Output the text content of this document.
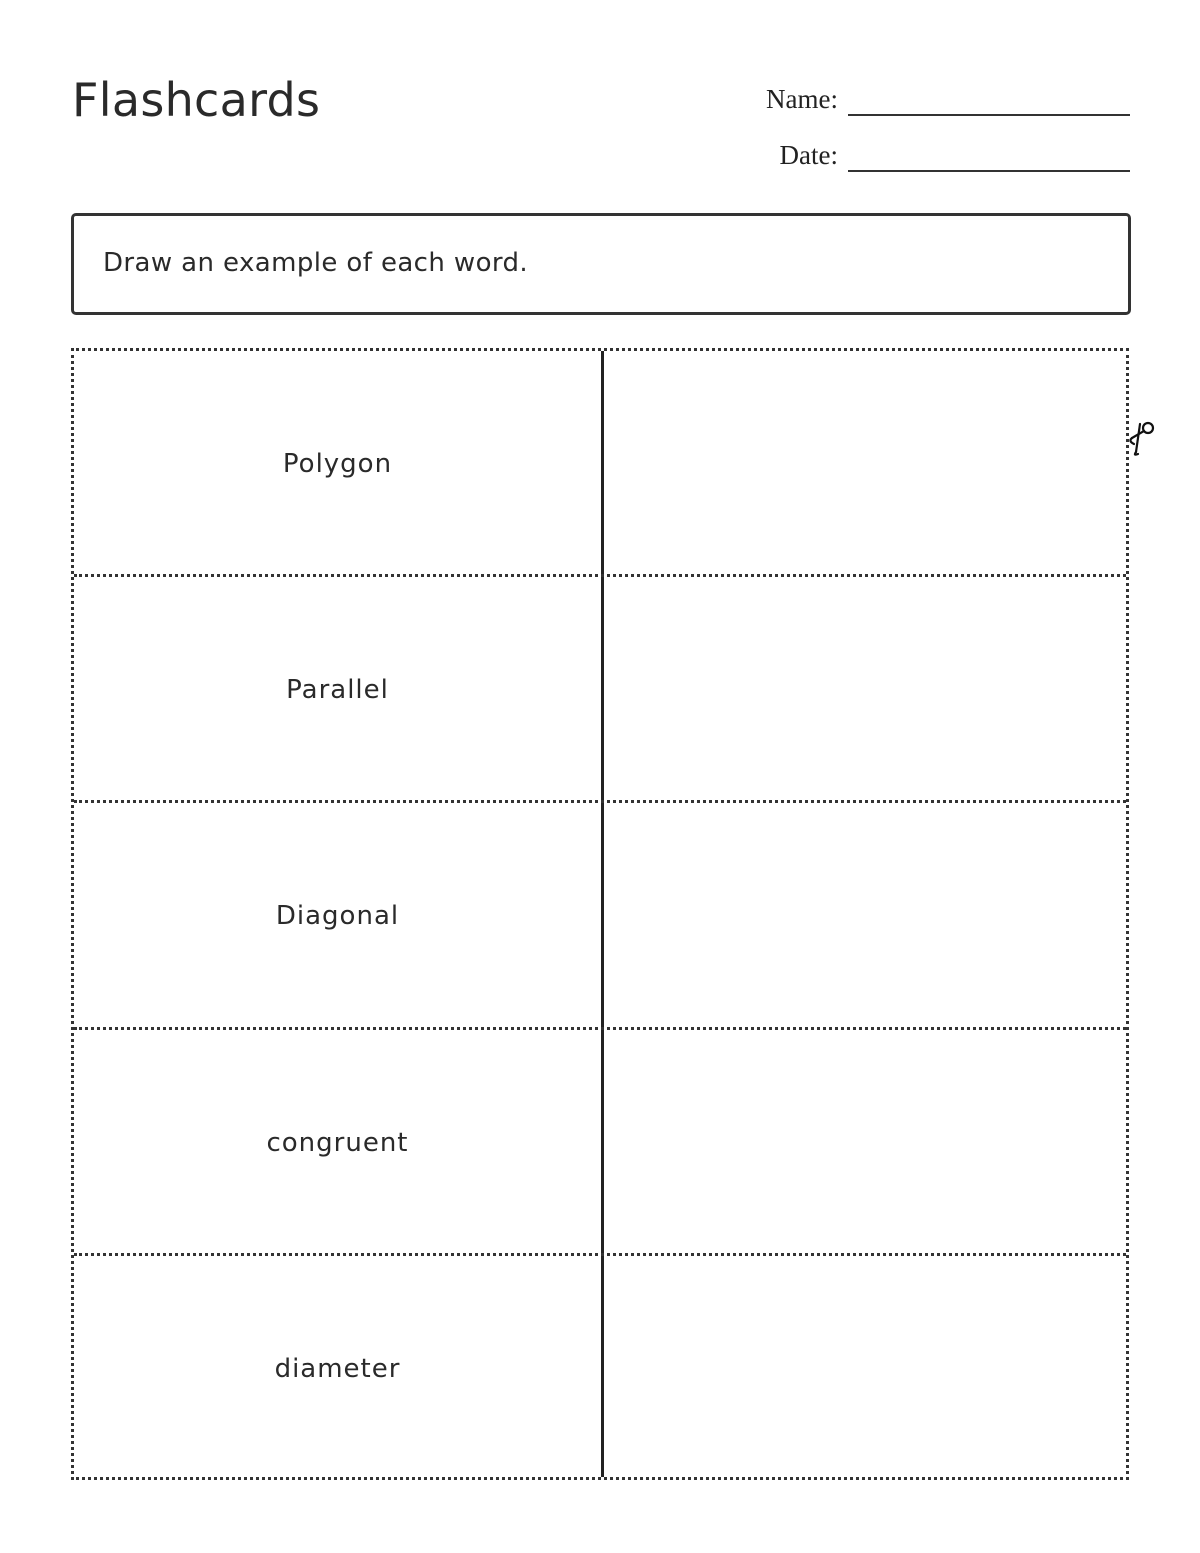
Flashcards	Name:
Date:
Draw an example of each word.
Polygon
Parallel
Diagonal
congruent
diameter
